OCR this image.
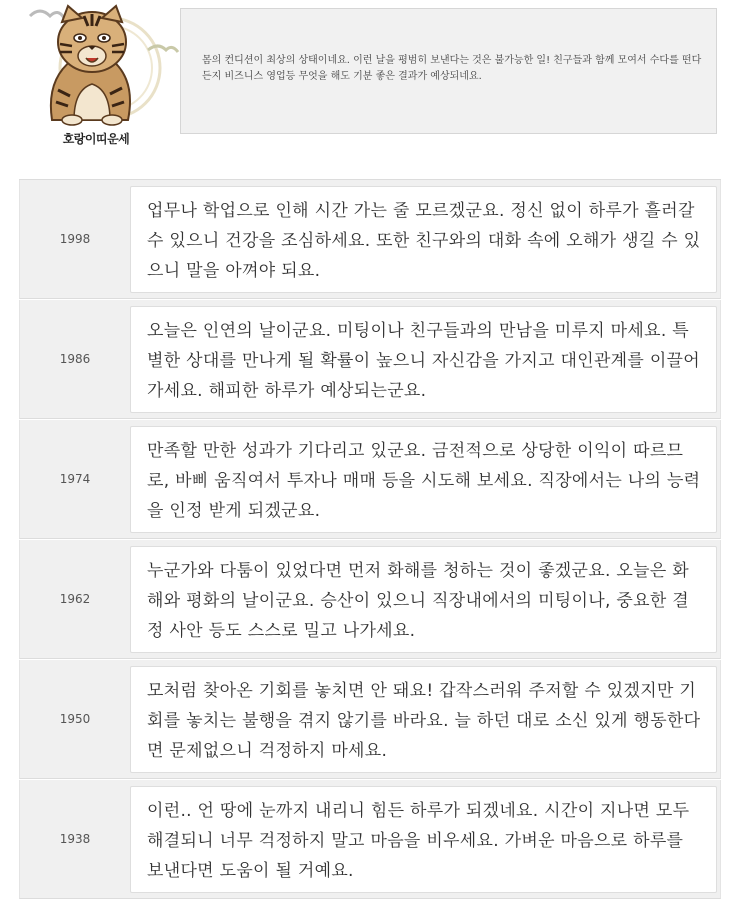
호랑이띠운세
몸의 컨디션이 최상의 상태이네요. 이런 날을 평범히 보낸다는 것은 불가능한 일! 친구들과 함께 모여서 수다를 떤다든지 비즈니스 영업등 무엇을 해도 기분 좋은 결과가 예상되네요.
1998
업무나 학업으로 인해 시간 가는 줄 모르겠군요. 정신 없이 하루가 흘러갈 수 있으니 건강을 조심하세요. 또한 친구와의 대화 속에 오해가 생길 수 있으니 말을 아껴야 되요.
1986
오늘은 인연의 날이군요. 미팅이나 친구들과의 만남을 미루지 마세요. 특별한 상대를 만나게 될 확률이 높으니 자신감을 가지고 대인관계를 이끌어 가세요. 해피한 하루가 예상되는군요.
1974
만족할 만한 성과가 기다리고 있군요. 금전적으로 상당한 이익이 따르므로, 바삐 움직여서 투자나 매매 등을 시도해 보세요. 직장에서는 나의 능력 을 인정 받게 되겠군요.
1962
누군가와 다툼이 있었다면 먼저 화해를 청하는 것이 좋겠군요. 오늘은 화해와 평화의 날이군요. 승산이 있으니 직장내에서의 미팅이나, 중요한 결정 사안 등도 스스로 밀고 나가세요.
1950
모처럼 찾아온 기회를 놓치면 안 돼요! 갑작스러워 주저할 수 있겠지만 기회를 놓치는 불행을 겪지 않기를 바라요. 늘 하던 대로 소신 있게 행동한다면 문제없으니 걱정하지 마세요.
1938
이런.. 언 땅에 눈까지 내리니 힘든 하루가 되겠네요. 시간이 지나면 모두 해결되니 너무 걱정하지 말고 마음을 비우세요. 가벼운 마음으로 하루를 보낸다면 도움이 될 거예요.
